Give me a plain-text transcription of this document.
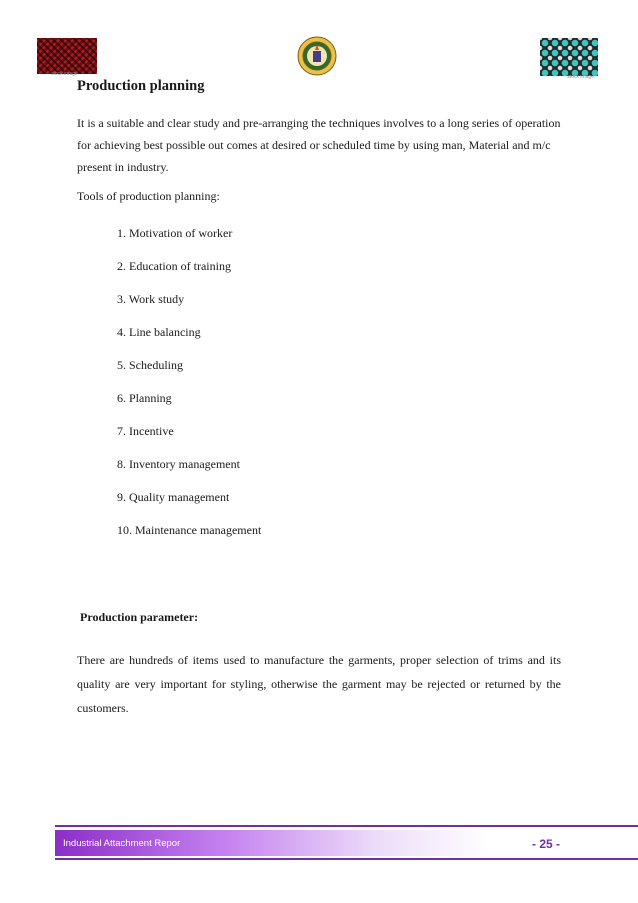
stock image	stock image
Production planning

It is a suitable and clear study and pre-arranging the techniques involves to a long series of operation for achieving best possible out comes at desired or scheduled time by using man, Material and m/c present in industry.

Tools of production planning:

1. Motivation of worker
2. Education of training
3. Work study
4. Line balancing
5. Scheduling
6. Planning
7. Incentive
8. Inventory management
9. Quality management
10. Maintenance management
Production parameter:
There are hundreds of items used to manufacture the garments, proper selection of trims and its quality are very important for styling, otherwise the garment may be rejected or returned by the customers.
Industrial Attachment Repor	- 25 -
